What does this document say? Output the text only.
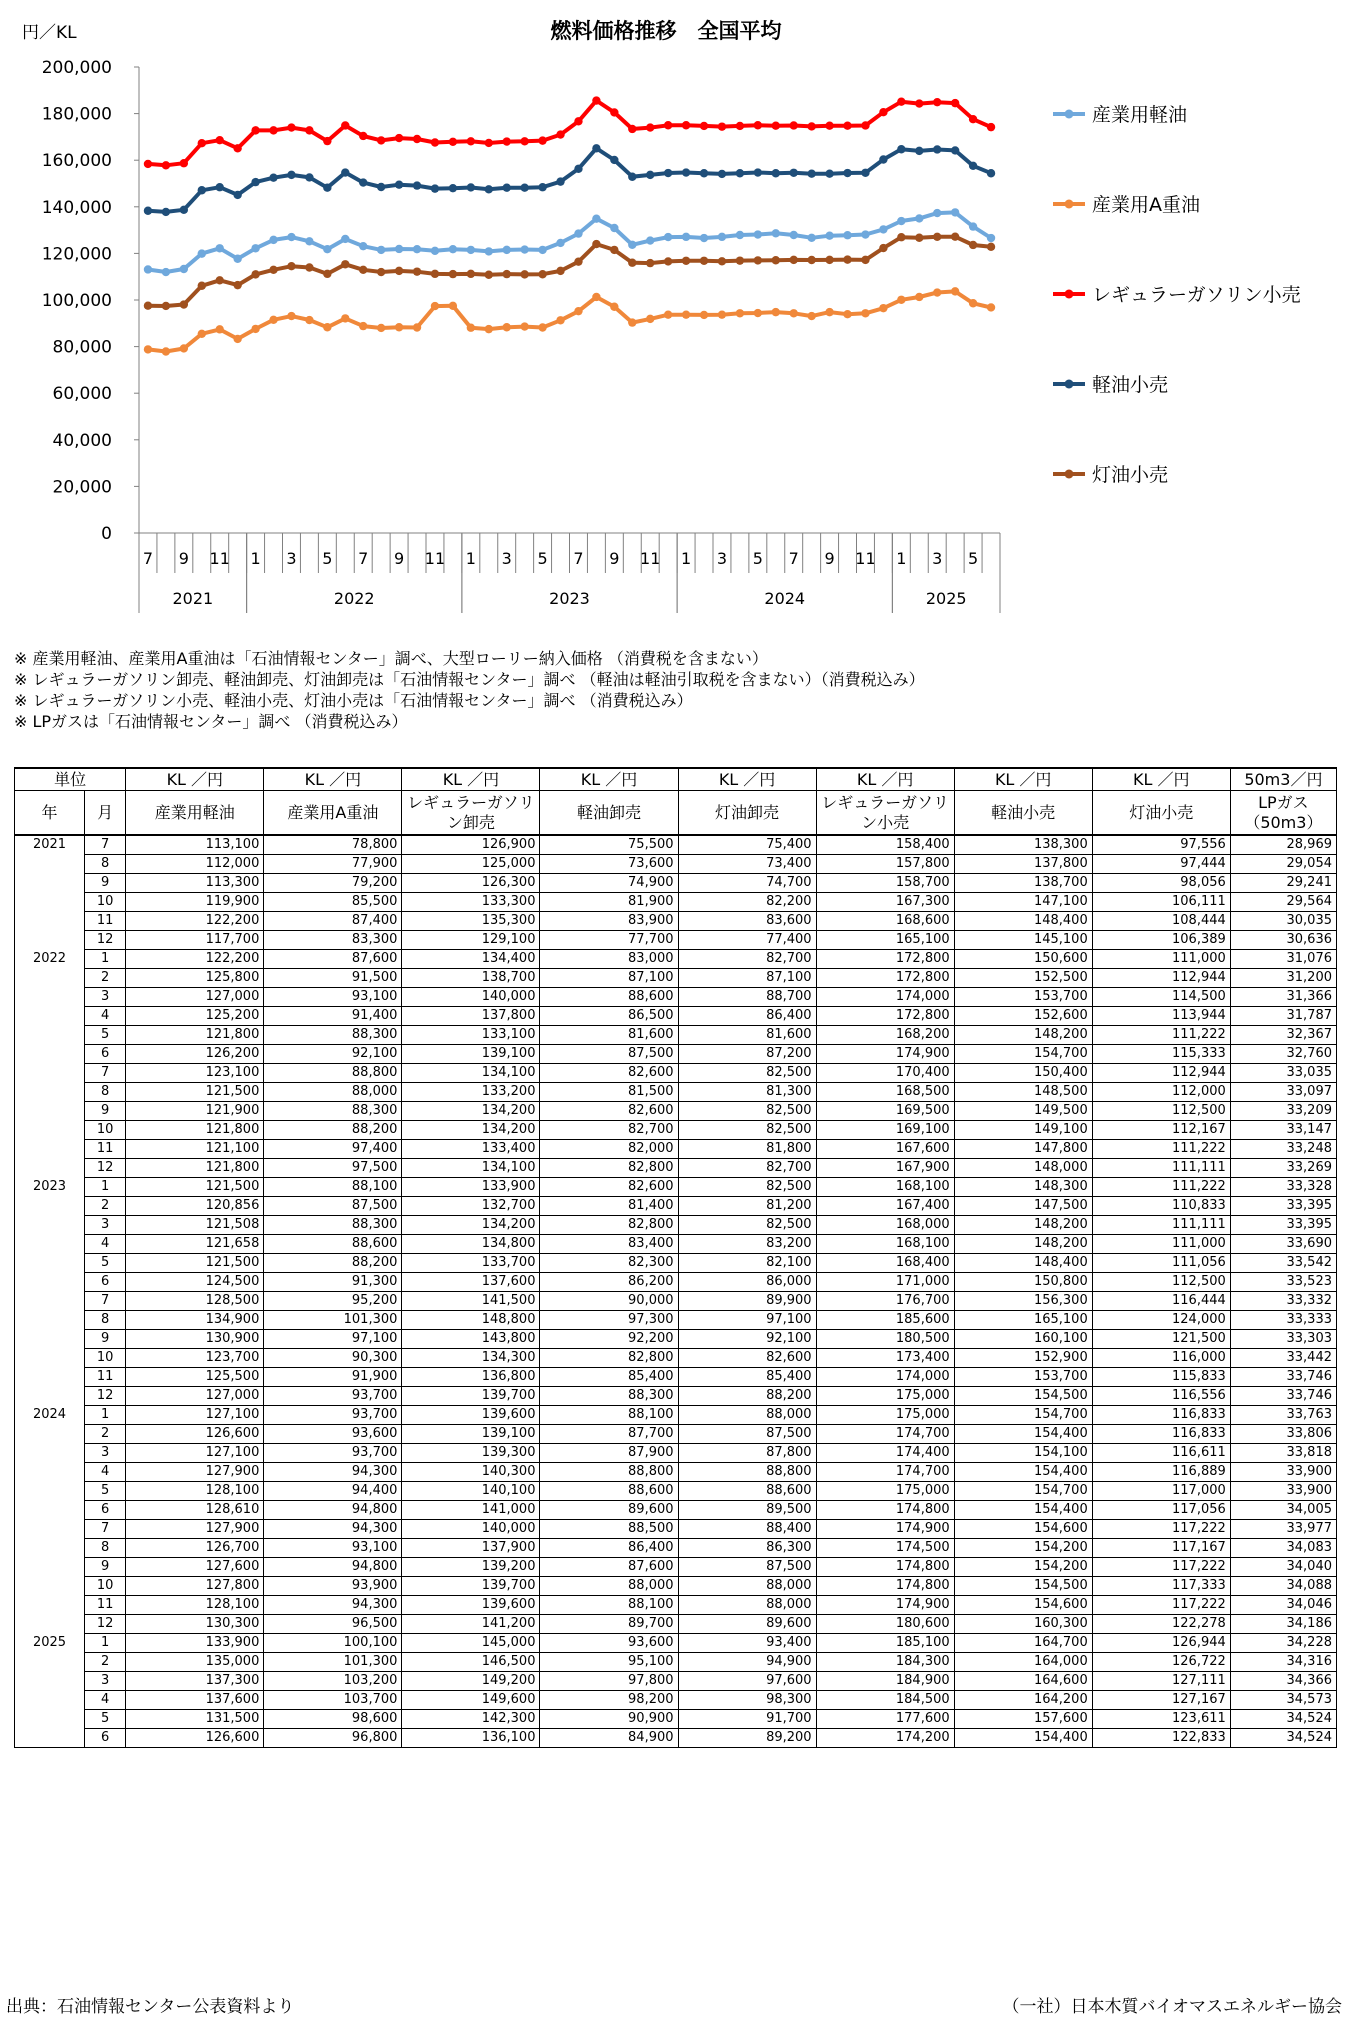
燃料価格推移　全国平均
円／KL
0
20,000
40,000
60,000
80,000
100,000
120,000
140,000
160,000
180,000
200,000
7 9 11 1 3 5 7 9 11 1 3 5 7 9 11 1 3 5 7 9 11 1 3 5
2021	2022	2023	2024	2025
産業用軽油
産業用A重油
レギュラーガソリン小売
軽油小売
灯油小売
※ 産業用軽油、産業用A重油は「石油情報センター」調べ、大型ローリー納入価格 （消費税を含まない）
※ レギュラーガソリン卸売、軽油卸売、灯油卸売は「石油情報センター」調べ （軽油は軽油引取税を含まない）（消費税込み）
※ レギュラーガソリン小売、軽油小売、灯油小売は「石油情報センター」調べ （消費税込み）
※ LPガスは「石油情報センター」調べ （消費税込み）
単位		KL ／円	KL ／円	KL ／円	KL ／円	KL ／円	KL ／円	KL ／円	KL ／円	50m3／円
年	月	産業用軽油	産業用A重油	レギュラーガソリン卸売	軽油卸売	灯油卸売	レギュラーガソリン小売	軽油小売	灯油小売	LPガス（50m3）
2021	7	113,100	78,800	126,900	75,500	75,400	158,400	138,300	97,556	28,969
	8	112,000	77,900	125,000	73,600	73,400	157,800	137,800	97,444	29,054
	9	113,300	79,200	126,300	74,900	74,700	158,700	138,700	98,056	29,241
	10	119,900	85,500	133,300	81,900	82,200	167,300	147,100	106,111	29,564
	11	122,200	87,400	135,300	83,900	83,600	168,600	148,400	108,444	30,035
	12	117,700	83,300	129,100	77,700	77,400	165,100	145,100	106,389	30,636
2022	1	122,200	87,600	134,400	83,000	82,700	172,800	150,600	111,000	31,076
	2	125,800	91,500	138,700	87,100	87,100	172,800	152,500	112,944	31,200
	3	127,000	93,100	140,000	88,600	88,700	174,000	153,700	114,500	31,366
	4	125,200	91,400	137,800	86,500	86,400	172,800	152,600	113,944	31,787
	5	121,800	88,300	133,100	81,600	81,600	168,200	148,200	111,222	32,367
	6	126,200	92,100	139,100	87,500	87,200	174,900	154,700	115,333	32,760
	7	123,100	88,800	134,100	82,600	82,500	170,400	150,400	112,944	33,035
	8	121,500	88,000	133,200	81,500	81,300	168,500	148,500	112,000	33,097
	9	121,900	88,300	134,200	82,600	82,500	169,500	149,500	112,500	33,209
	10	121,800	88,200	134,200	82,700	82,500	169,100	149,100	112,167	33,147
	11	121,100	97,400	133,400	82,000	81,800	167,600	147,800	111,222	33,248
	12	121,800	97,500	134,100	82,800	82,700	167,900	148,000	111,111	33,269
2023	1	121,500	88,100	133,900	82,600	82,500	168,100	148,300	111,222	33,328
	2	120,856	87,500	132,700	81,400	81,200	167,400	147,500	110,833	33,395
	3	121,508	88,300	134,200	82,800	82,500	168,000	148,200	111,111	33,395
	4	121,658	88,600	134,800	83,400	83,200	168,100	148,200	111,000	33,690
	5	121,500	88,200	133,700	82,300	82,100	168,400	148,400	111,056	33,542
	6	124,500	91,300	137,600	86,200	86,000	171,000	150,800	112,500	33,523
	7	128,500	95,200	141,500	90,000	89,900	176,700	156,300	116,444	33,332
	8	134,900	101,300	148,800	97,300	97,100	185,600	165,100	124,000	33,333
	9	130,900	97,100	143,800	92,200	92,100	180,500	160,100	121,500	33,303
	10	123,700	90,300	134,300	82,800	82,600	173,400	152,900	116,000	33,442
	11	125,500	91,900	136,800	85,400	85,400	174,000	153,700	115,833	33,746
	12	127,000	93,700	139,700	88,300	88,200	175,000	154,500	116,556	33,746
2024	1	127,100	93,700	139,600	88,100	88,000	175,000	154,700	116,833	33,763
	2	126,600	93,600	139,100	87,700	87,500	174,700	154,400	116,833	33,806
	3	127,100	93,700	139,300	87,900	87,800	174,400	154,100	116,611	33,818
	4	127,900	94,300	140,300	88,800	88,800	174,700	154,400	116,889	33,900
	5	128,100	94,400	140,100	88,600	88,600	175,000	154,700	117,000	33,900
	6	128,610	94,800	141,000	89,600	89,500	174,800	154,400	117,056	34,005
	7	127,900	94,300	140,000	88,500	88,400	174,900	154,600	117,222	33,977
	8	126,700	93,100	137,900	86,400	86,300	174,500	154,200	117,167	34,083
	9	127,600	94,800	139,200	87,600	87,500	174,800	154,200	117,222	34,040
	10	127,800	93,900	139,700	88,000	88,000	174,800	154,500	117,333	34,088
	11	128,100	94,300	139,600	88,100	88,000	174,900	154,600	117,222	34,046
	12	130,300	96,500	141,200	89,700	89,600	180,600	160,300	122,278	34,186
2025	1	133,900	100,100	145,000	93,600	93,400	185,100	164,700	126,944	34,228
	2	135,000	101,300	146,500	95,100	94,900	184,300	164,000	126,722	34,316
	3	137,300	103,200	149,200	97,800	97,600	184,900	164,600	127,111	34,366
	4	137,600	103,700	149,600	98,200	98,300	184,500	164,200	127,167	34,573
	5	131,500	98,600	142,300	90,900	91,700	177,600	157,600	123,611	34,524
	6	126,600	96,800	136,100	84,900	89,200	174,200	154,400	122,833	34,524
出典：石油情報センター公表資料より	（一社）日本木質バイオマスエネルギー協会
